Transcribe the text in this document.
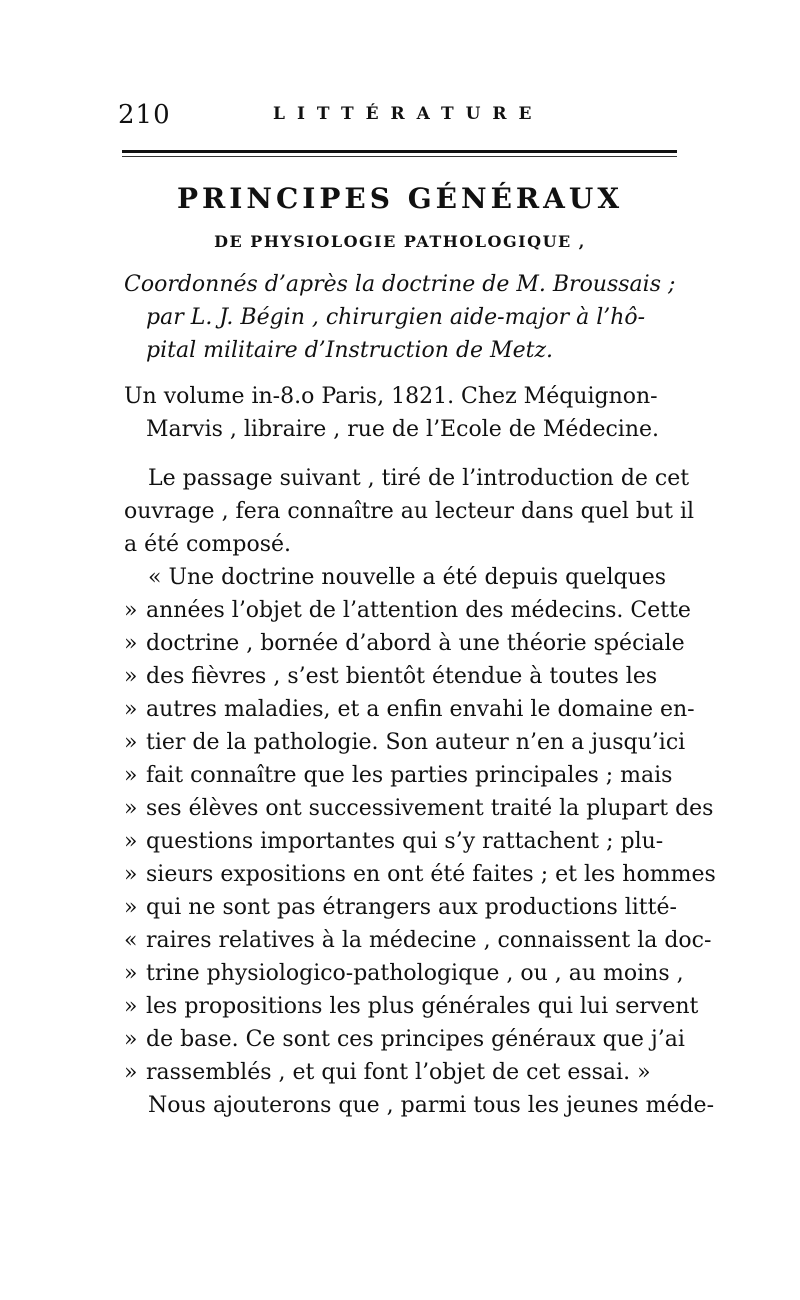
210	LITTÉRATURE
PRINCIPES GÉNÉRAUX
DE PHYSIOLOGIE PATHOLOGIQUE ,
Coordonnés d’après la doctrine de M. Broussais ;
par L. J. Bégin , chirurgien aide-major à l’hô-
pital militaire d’Instruction de Metz.
Un volume in-8.o Paris, 1821. Chez Méquignon-
Marvis , libraire , rue de l’Ecole de Médecine.
Le passage suivant , tiré de l’introduction de cet
ouvrage , fera connaître au lecteur dans quel but il
a été composé.
« Une doctrine nouvelle a été depuis quelques
» années l’objet de l’attention des médecins. Cette
» doctrine , bornée d’abord à une théorie spéciale
» des fièvres , s’est bientôt étendue à toutes les
» autres maladies, et a enfin envahi le domaine en-
» tier de la pathologie. Son auteur n’en a jusqu’ici
» fait connaître que les parties principales ; mais
» ses élèves ont successivement traité la plupart des
» questions importantes qui s’y rattachent ; plu-
» sieurs expositions en ont été faites ; et les hommes
» qui ne sont pas étrangers aux productions litté-
« raires relatives à la médecine , connaissent la doc-
» trine physiologico-pathologique , ou , au moins ,
» les propositions les plus générales qui lui servent
» de base. Ce sont ces principes généraux que j’ai
» rassemblés , et qui font l’objet de cet essai. »
Nous ajouterons que , parmi tous les jeunes méde-
